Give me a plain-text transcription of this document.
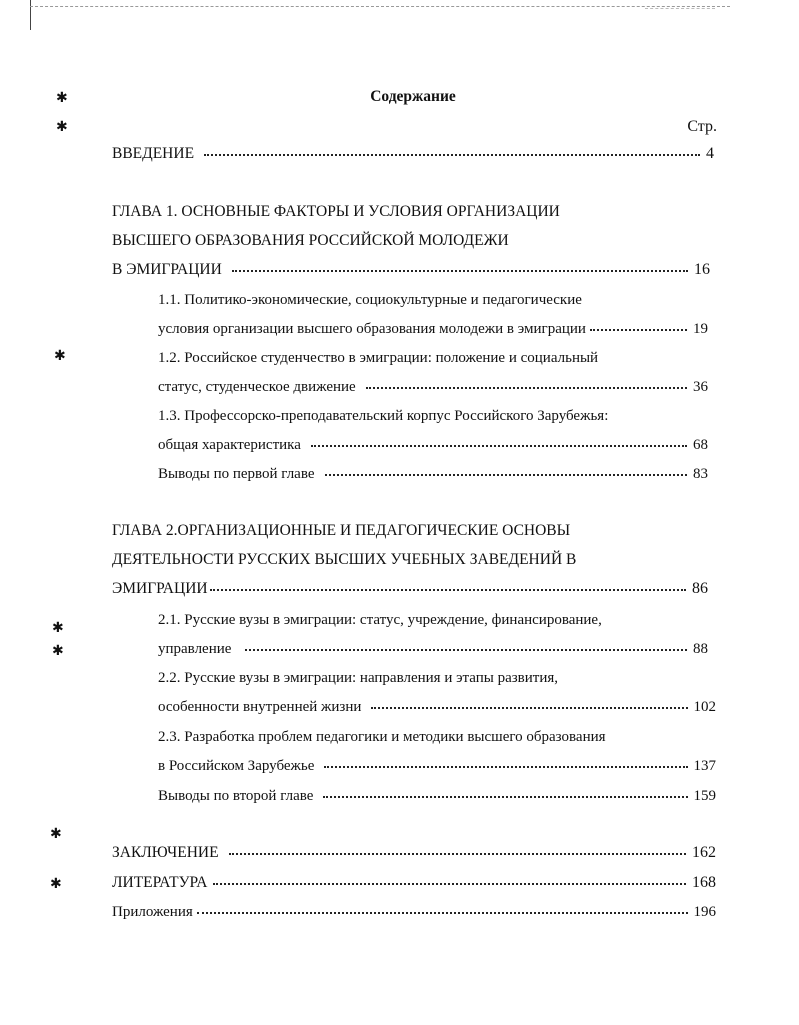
✱
✱
✱
✱
✱
✱
✱
Содержание
Стр.
ВВЕДЕНИЕ	4
ГЛАВА 1. ОСНОВНЫЕ ФАКТОРЫ И УСЛОВИЯ ОРГАНИЗАЦИИ
ВЫСШЕГО ОБРАЗОВАНИЯ РОССИЙСКОЙ МОЛОДЕЖИ
В ЭМИГРАЦИИ	16
1.1. Политико-экономические, социокультурные и педагогические
условия организации высшего образования молодежи в эмиграции	19
1.2. Российское студенчество в эмиграции: положение и социальный
статус, студенческое движение	36
1.3. Профессорско-преподавательский корпус Российского Зарубежья:
общая характеристика	68
Выводы по первой главе	83
ГЛАВА 2.ОРГАНИЗАЦИОННЫЕ И ПЕДАГОГИЧЕСКИЕ ОСНОВЫ
ДЕЯТЕЛЬНОСТИ РУССКИХ ВЫСШИХ УЧЕБНЫХ ЗАВЕДЕНИЙ В
ЭМИГРАЦИИ	86
2.1. Русские вузы в эмиграции: статус, учреждение, финансирование,
управление	88
2.2. Русские вузы в эмиграции: направления и этапы развития,
особенности внутренней жизни	102
2.3. Разработка проблем педагогики и методики высшего образования
в Российском Зарубежье	137
Выводы по второй главе	159
ЗАКЛЮЧЕНИЕ	162
ЛИТЕРАТУРА	168
Приложения	196
